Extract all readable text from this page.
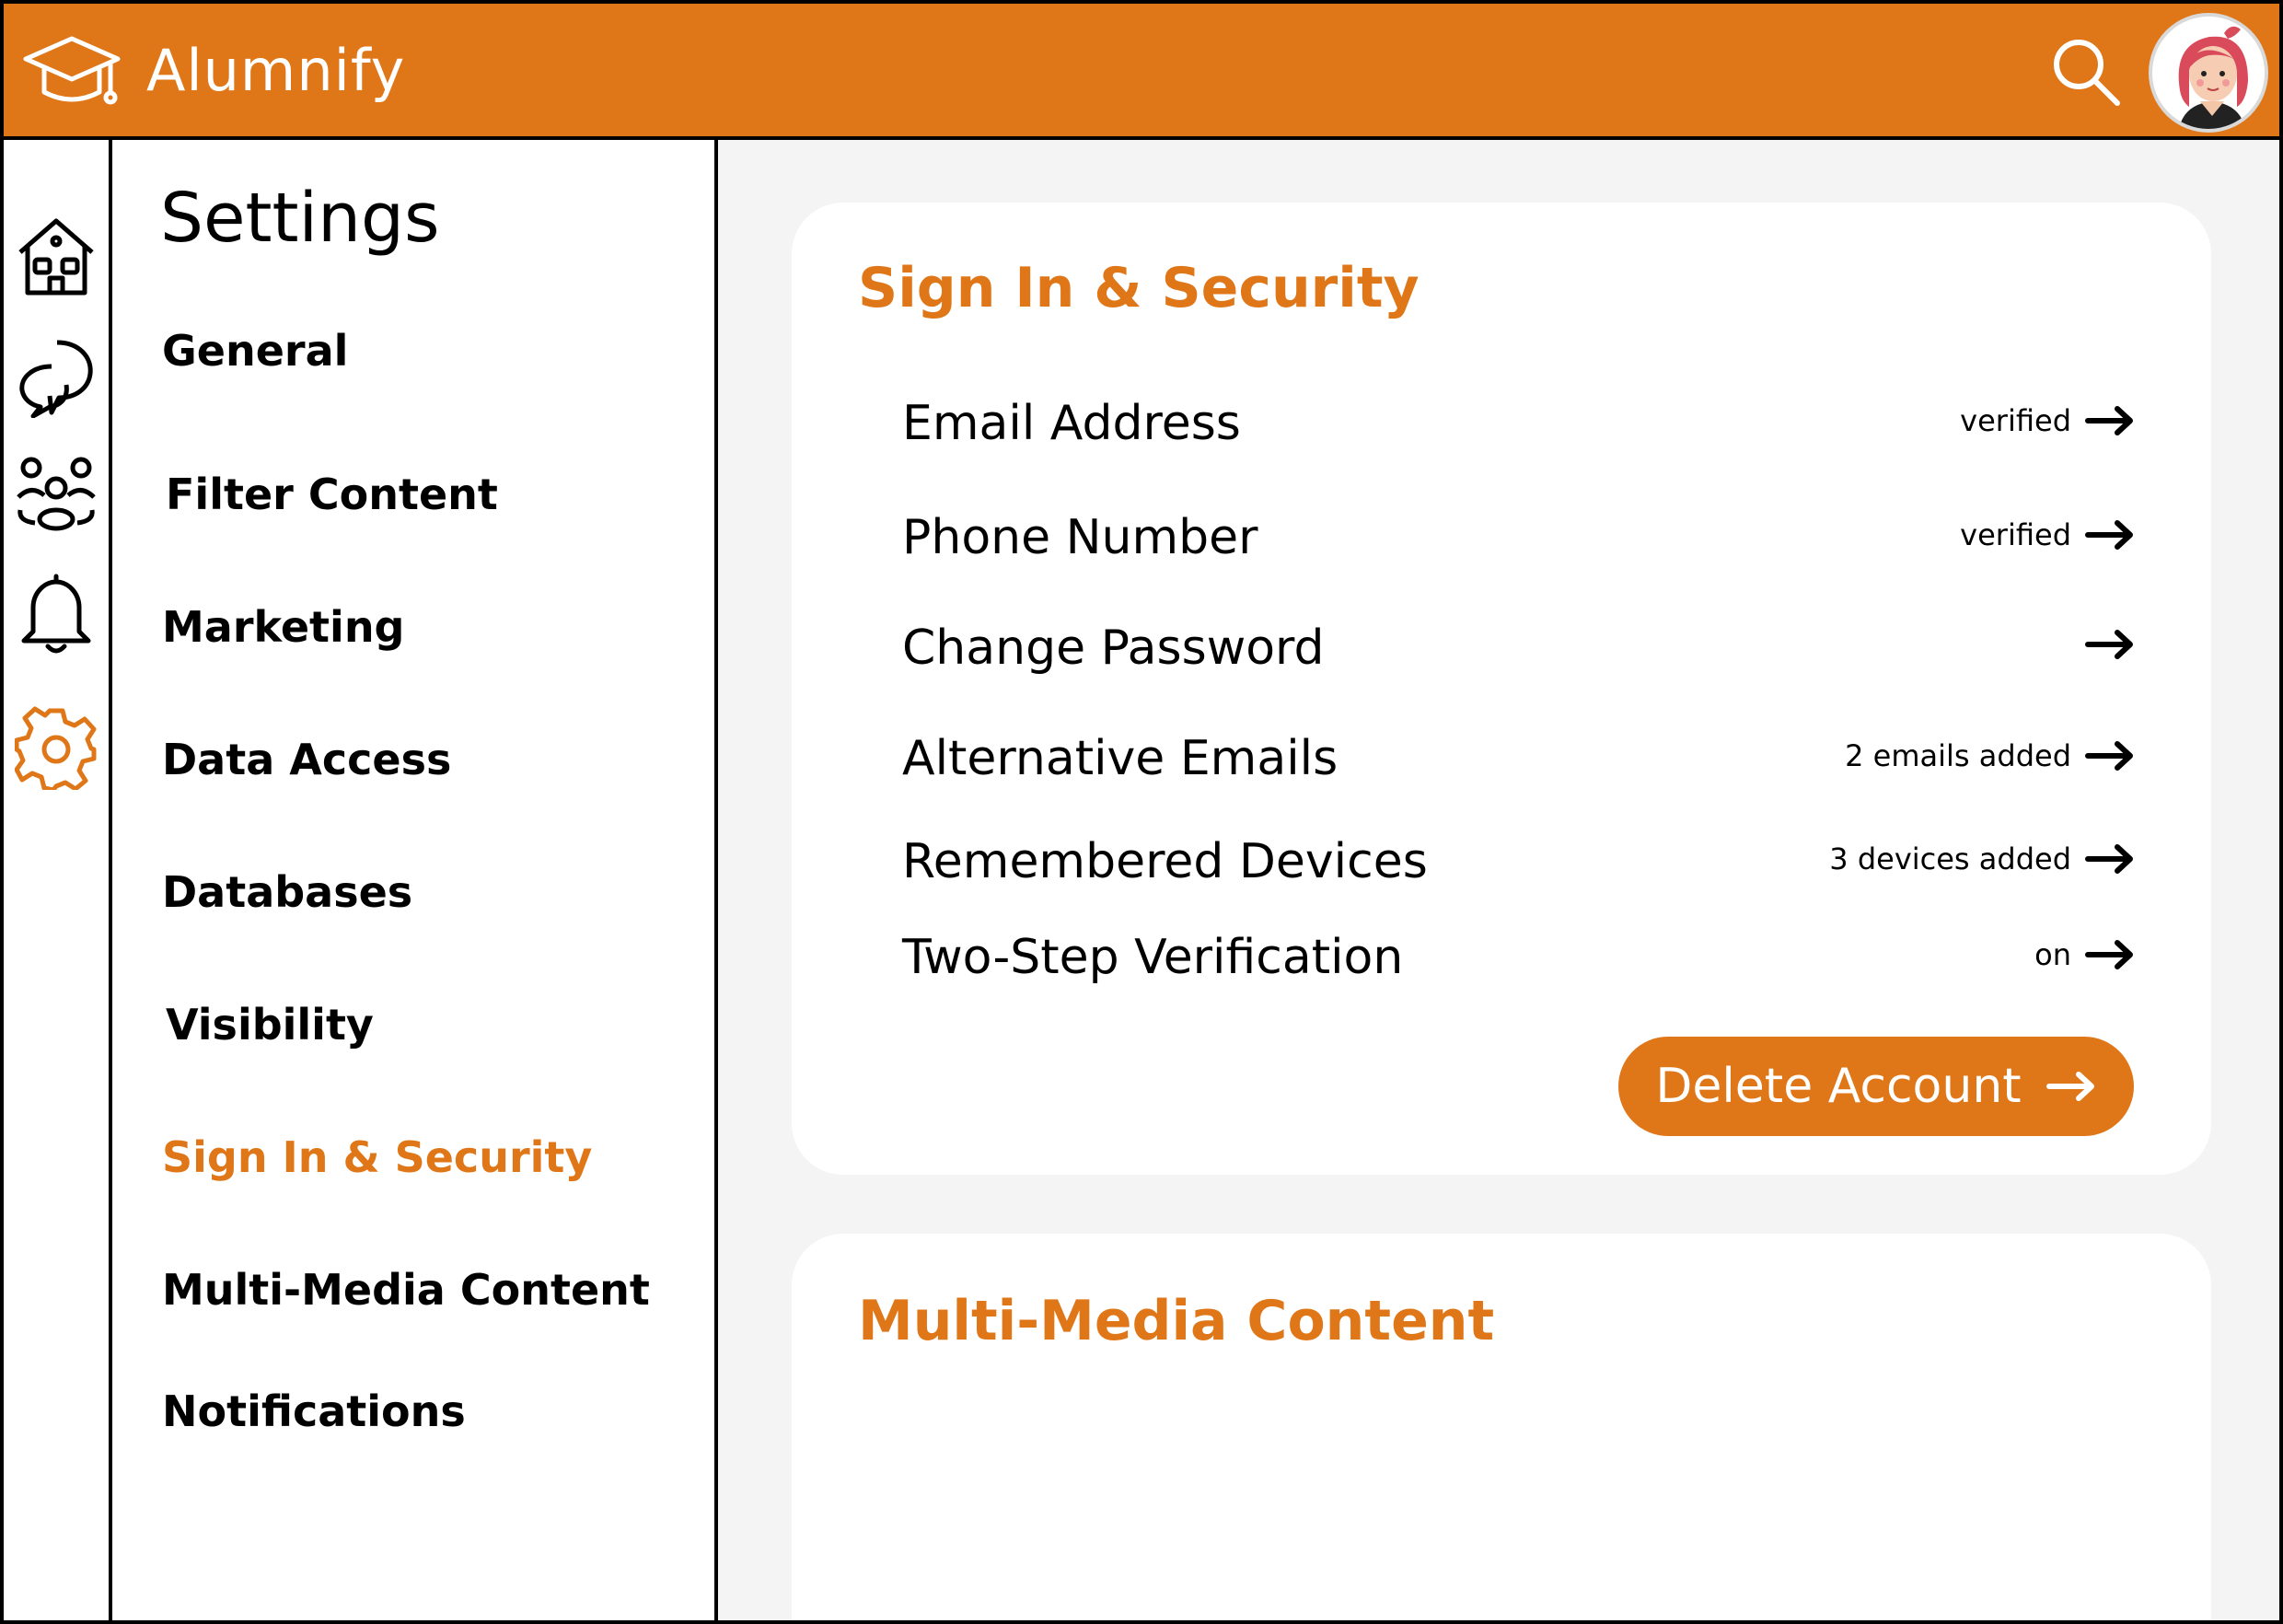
Alumnify
Settings
General
Filter Content
Marketing
Data Access
Databases
Visibility
Sign In & Security
Multi-Media Content
Notifications
Sign In & Security
Email Address	verified
Phone Number	verified
Change Password
Alternative Emails	2 emails added
Remembered Devices	3 devices added
Two-Step Verification	on
Delete Account
Multi-Media Content
